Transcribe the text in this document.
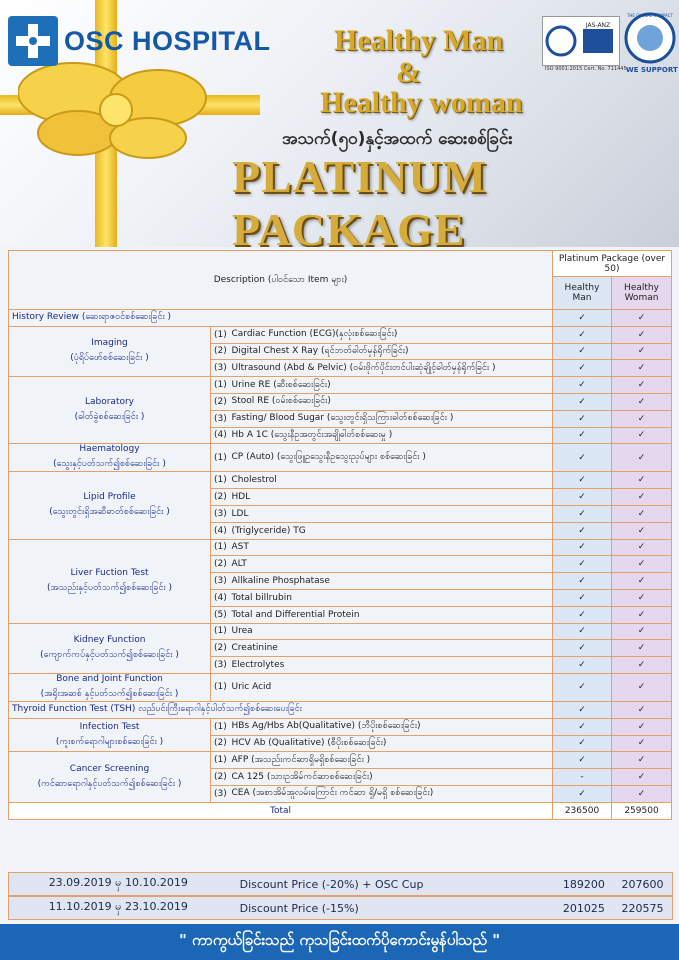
OSC HOSPITAL Healthy Man
&
Healthy woman
အသက်(၅၀)နှင့်အထက် ဆေးစစ်ခြင်း
PLATINUM PACKAGE
JAS-ANZ
ISO 9001:2015 Cert. No. 711445
THE GLOBAL COMPACT
WE SUPPORT
Description (ပါဝင်သော Item များ)			Platinum Package (over 50)	
			Healthy Man	Healthy Woman
History Review (ဆေးရာဇဝင်စစ်ဆေးခြင်း )			✓	✓

Imaging
(ပုံရိပ်ဖော်စစ်ဆေးခြင်း )	(1)	Cardiac Function (ECG)(နှလုံးစစ်ဆေးခြင်း)	✓	✓
	(2)	Digital Chest X Ray (ရင်ဘတ်ဓါတ်မှန်ရိုက်ခြင်း)	✓	✓
	(3)	Ultrasound (Abd & Pelvic) (ဝမ်းဗိုက်ပိုင်းတင်ပါးဆုံချိုင့်ဓါတ်မှန်ရိုက်ခြင်း )	✓	✓

Laboratory
(ဓါတ်ခွဲစစ်ဆေးခြင်း )	(1)	Urine RE (ဆီးစစ်ဆေးခြင်း)	✓	✓
	(2)	Stool RE (ဝမ်းစစ်ဆေးခြင်း)	✓	✓
	(3)	Fasting/ Blood Sugar (သွေးတွင်းရှိသကြားဓါတ်စစ်ဆေးခြင်း )	✓	✓
	(4)	Hb A 1C (သွေးနီဥအတွင်းအချိုဓါတ်စစ်ဆေးမှု )	✓	✓

Haematology
(သွေးနှင့်ပတ်သက်၍စစ်ဆေးခြင်း )	(1)	CP (Auto) (သွေးဖြူဥသွေးနီဥသွေးညှပ်များ စစ်ဆေးခြင်း )	✓	✓

Lipid Profile
(သွေးတွင်းရှိအဆီဓာတ်စစ်ဆေးခြင်း )	(1)	Cholestrol	✓	✓
	(2)	HDL	✓	✓
	(3)	LDL	✓	✓
	(4)	(Triglyceride) TG	✓	✓

Liver Fuction Test
(အသည်းနှင့်ပတ်သက်၍စစ်ဆေးခြင်း )	(1)	AST	✓	✓
	(2)	ALT	✓	✓
	(3)	Allkaline Phosphatase	✓	✓
	(4)	Total billrubin	✓	✓
	(5)	Total and Differential Protein	✓	✓

Kidney Function
(ကျောက်ကပ်နှင့်ပတ်သက်၍စစ်ဆေးခြင်း )	(1)	Urea	✓	✓
	(2)	Creatinine	✓	✓
	(3)	Electrolytes	✓	✓

Bone and Joint Function
(အရိုးအဆစ် နှင့်ပတ်သက်၍စစ်ဆေးခြင်း )	(1)	Uric Acid	✓	✓
Thyroid Function Test (TSH) လည်ပင်းကြီးရောဂါနှင့်ပါတ်သက်၍စစ်ဆေးပေးခြင်း			✓	✓

Infection Test
(ကူးစက်ရောဂါများစစ်ဆေးခြင်း )	(1)	HBs Ag/Hbs Ab(Qualitative) (ဘီပိုးစစ်ဆေးခြင်း)	✓	✓
	(2)	HCV Ab (Qualitative) (စီပိုးစစ်ဆေးခြင်း)	✓	✓

Cancer Screening
(ကင်ဆာရောဂါနှင့်ပတ်သက်၍စစ်ဆေးခြင်း )	(1)	AFP (အသည်းကင်ဆာရှိမရှိစစ်ဆေးခြင်း )	✓	✓
	(2)	CA 125 (သားဥအိမ်ကင်ဆာစစ်ဆေးခြင်း)	-	✓
	(3)	CEA (အစာအိမ်အူလမ်းကြောင်း ကင်ဆာ ရှိ/မရှိ စစ်ဆေးခြင်း)	✓	✓
Total			236500	259500
23.09.2019 မှ 10.10.2019	Discount Price (-20%) + OSC Cup	189200	207600
11.10.2019 မှ 23.10.2019	Discount Price (-15%)	201025	220575
" ကာကွယ်ခြင်းသည် ကုသခြင်းထက်ပိုကောင်းမွန်ပါသည် "
